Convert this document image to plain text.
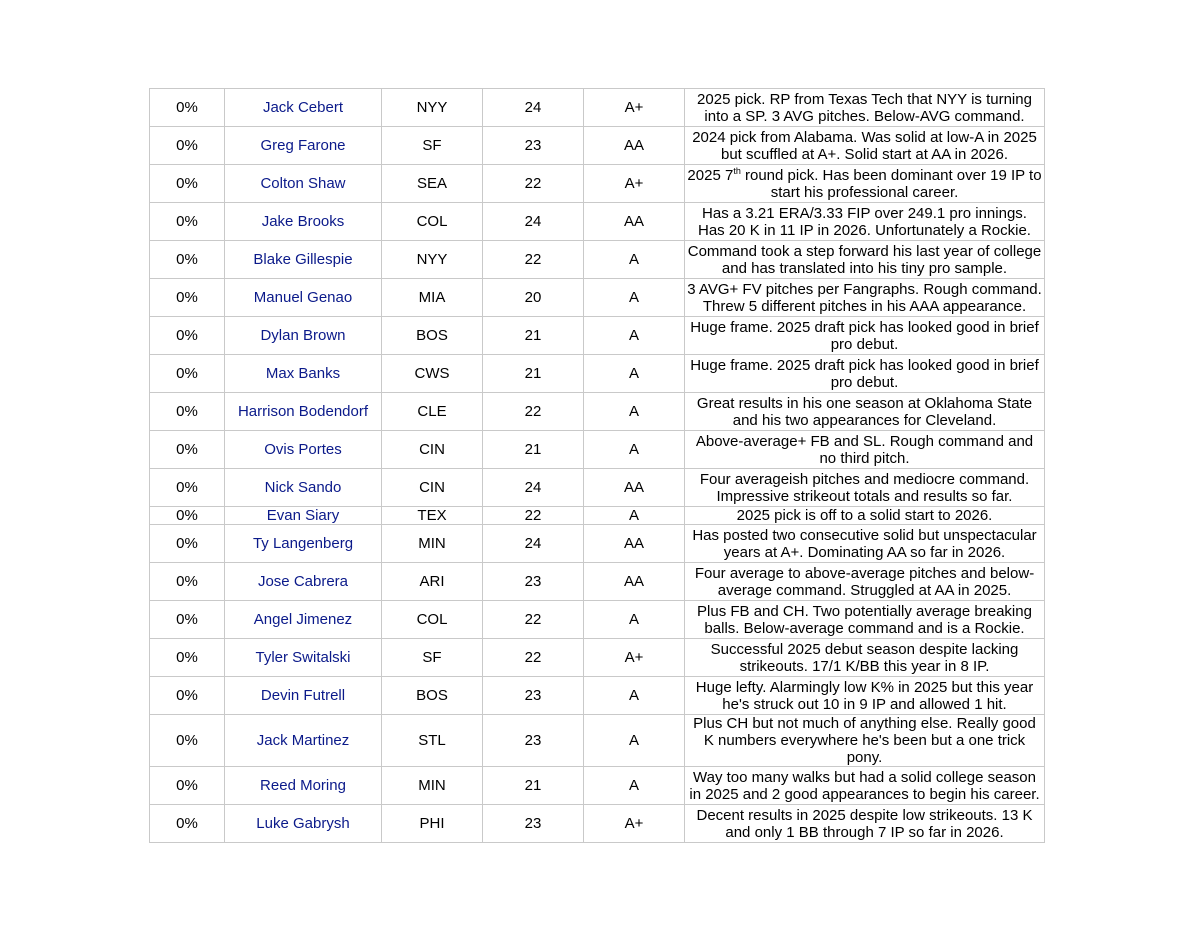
0%	Jack Cebert	NYY	24	A+	2025 pick. RP from Texas Tech that NYY is turning into a SP. 3 AVG pitches. Below-AVG command.
0%	Greg Farone	SF	23	AA	2024 pick from Alabama. Was solid at low-A in 2025 but scuffled at A+. Solid start at AA in 2026.
0%	Colton Shaw	SEA	22	A+	2025 7th round pick. Has been dominant over 19 IP to start his professional career.
0%	Jake Brooks	COL	24	AA	Has a 3.21 ERA/3.33 FIP over 249.1 pro innings. Has 20 K in 11 IP in 2026. Unfortunately a Rockie.
0%	Blake Gillespie	NYY	22	A	Command took a step forward his last year of college and has translated into his tiny pro sample.
0%	Manuel Genao	MIA	20	A	3 AVG+ FV pitches per Fangraphs. Rough command. Threw 5 different pitches in his AAA appearance.
0%	Dylan Brown	BOS	21	A	Huge frame. 2025 draft pick has looked good in brief pro debut.
0%	Max Banks	CWS	21	A	Huge frame. 2025 draft pick has looked good in brief pro debut.
0%	Harrison Bodendorf	CLE	22	A	Great results in his one season at Oklahoma State and his two appearances for Cleveland.
0%	Ovis Portes	CIN	21	A	Above-average+ FB and SL. Rough command and no third pitch.
0%	Nick Sando	CIN	24	AA	Four averageish pitches and mediocre command. Impressive strikeout totals and results so far.
0%	Evan Siary	TEX	22	A	2025 pick is off to a solid start to 2026.
0%	Ty Langenberg	MIN	24	AA	Has posted two consecutive solid but unspectacular years at A+. Dominating AA so far in 2026.
0%	Jose Cabrera	ARI	23	AA	Four average to above-average pitches and below-average command. Struggled at AA in 2025.
0%	Angel Jimenez	COL	22	A	Plus FB and CH. Two potentially average breaking balls. Below-average command and is a Rockie.
0%	Tyler Switalski	SF	22	A+	Successful 2025 debut season despite lacking strikeouts. 17/1 K/BB this year in 8 IP.
0%	Devin Futrell	BOS	23	A	Huge lefty. Alarmingly low K% in 2025 but this year he's struck out 10 in 9 IP and allowed 1 hit.
0%	Jack Martinez	STL	23	A	Plus CH but not much of anything else. Really good K numbers everywhere he's been but a one trick pony.
0%	Reed Moring	MIN	21	A	Way too many walks but had a solid college season in 2025 and 2 good appearances to begin his career.
0%	Luke Gabrysh	PHI	23	A+	Decent results in 2025 despite low strikeouts. 13 K and only 1 BB through 7 IP so far in 2026.
